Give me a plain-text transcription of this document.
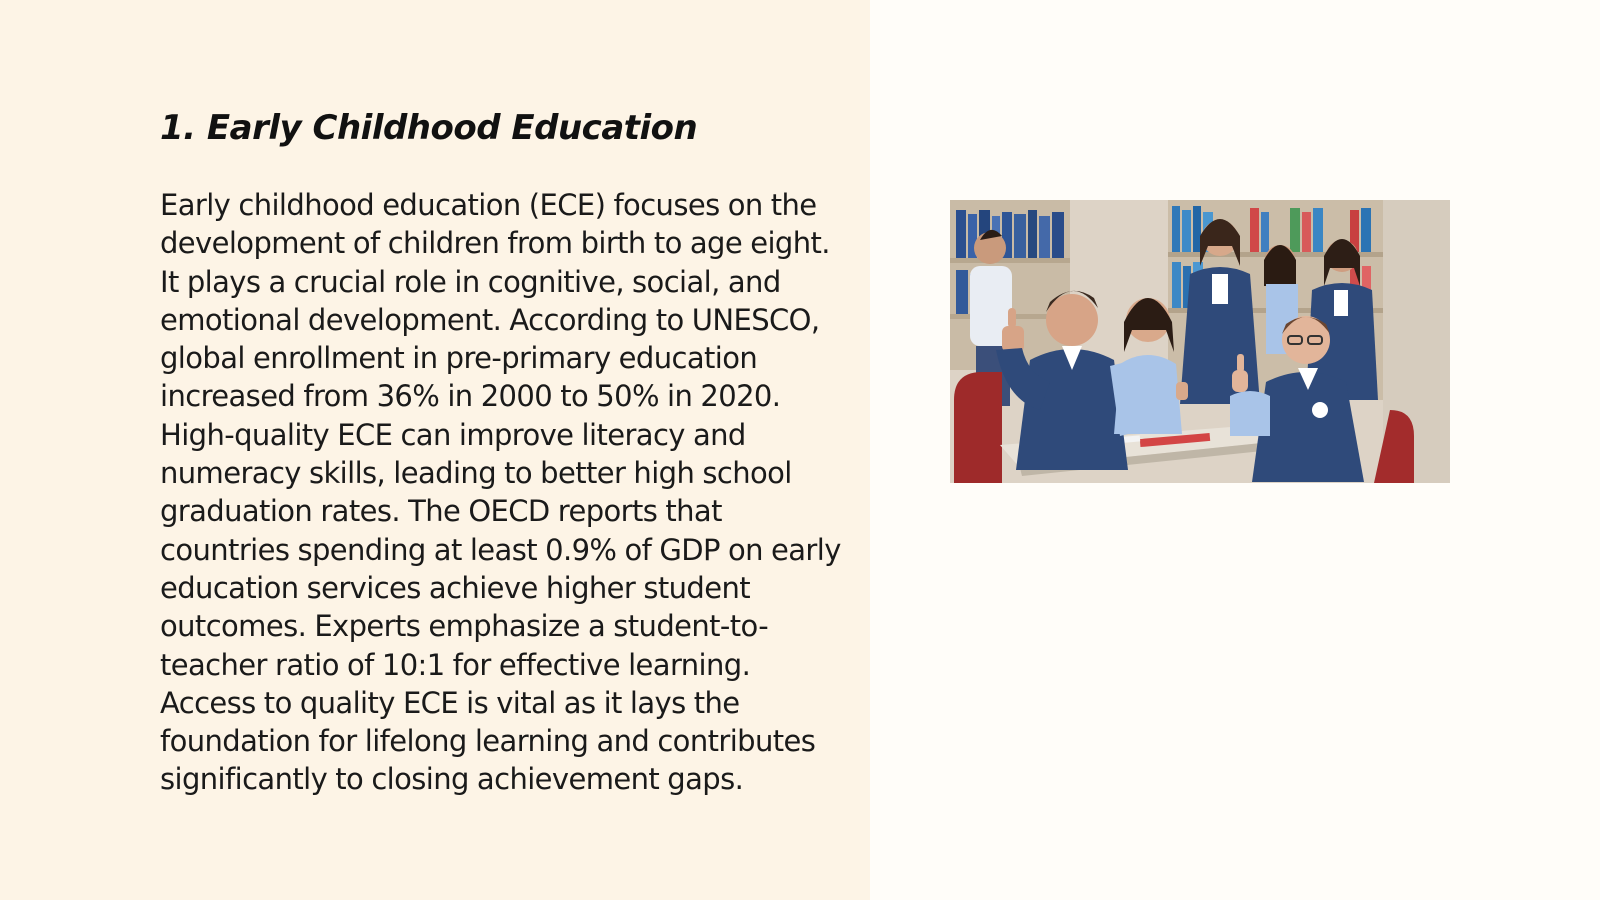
1. Early Childhood Education

Early childhood education (ECE) focuses on the development of children from birth to age eight. It plays a crucial role in cognitive, social, and emotional development. According to UNESCO, global enrollment in pre-primary education increased from 36% in 2000 to 50% in 2020. High-quality ECE can improve literacy and numeracy skills, leading to better high school graduation rates. The OECD reports that countries spending at least 0.9% of GDP on early education services achieve higher student outcomes. Experts emphasize a student-to-teacher ratio of 10:1 for effective learning. Access to quality ECE is vital as it lays the foundation for lifelong learning and contributes significantly to closing achievement gaps.
